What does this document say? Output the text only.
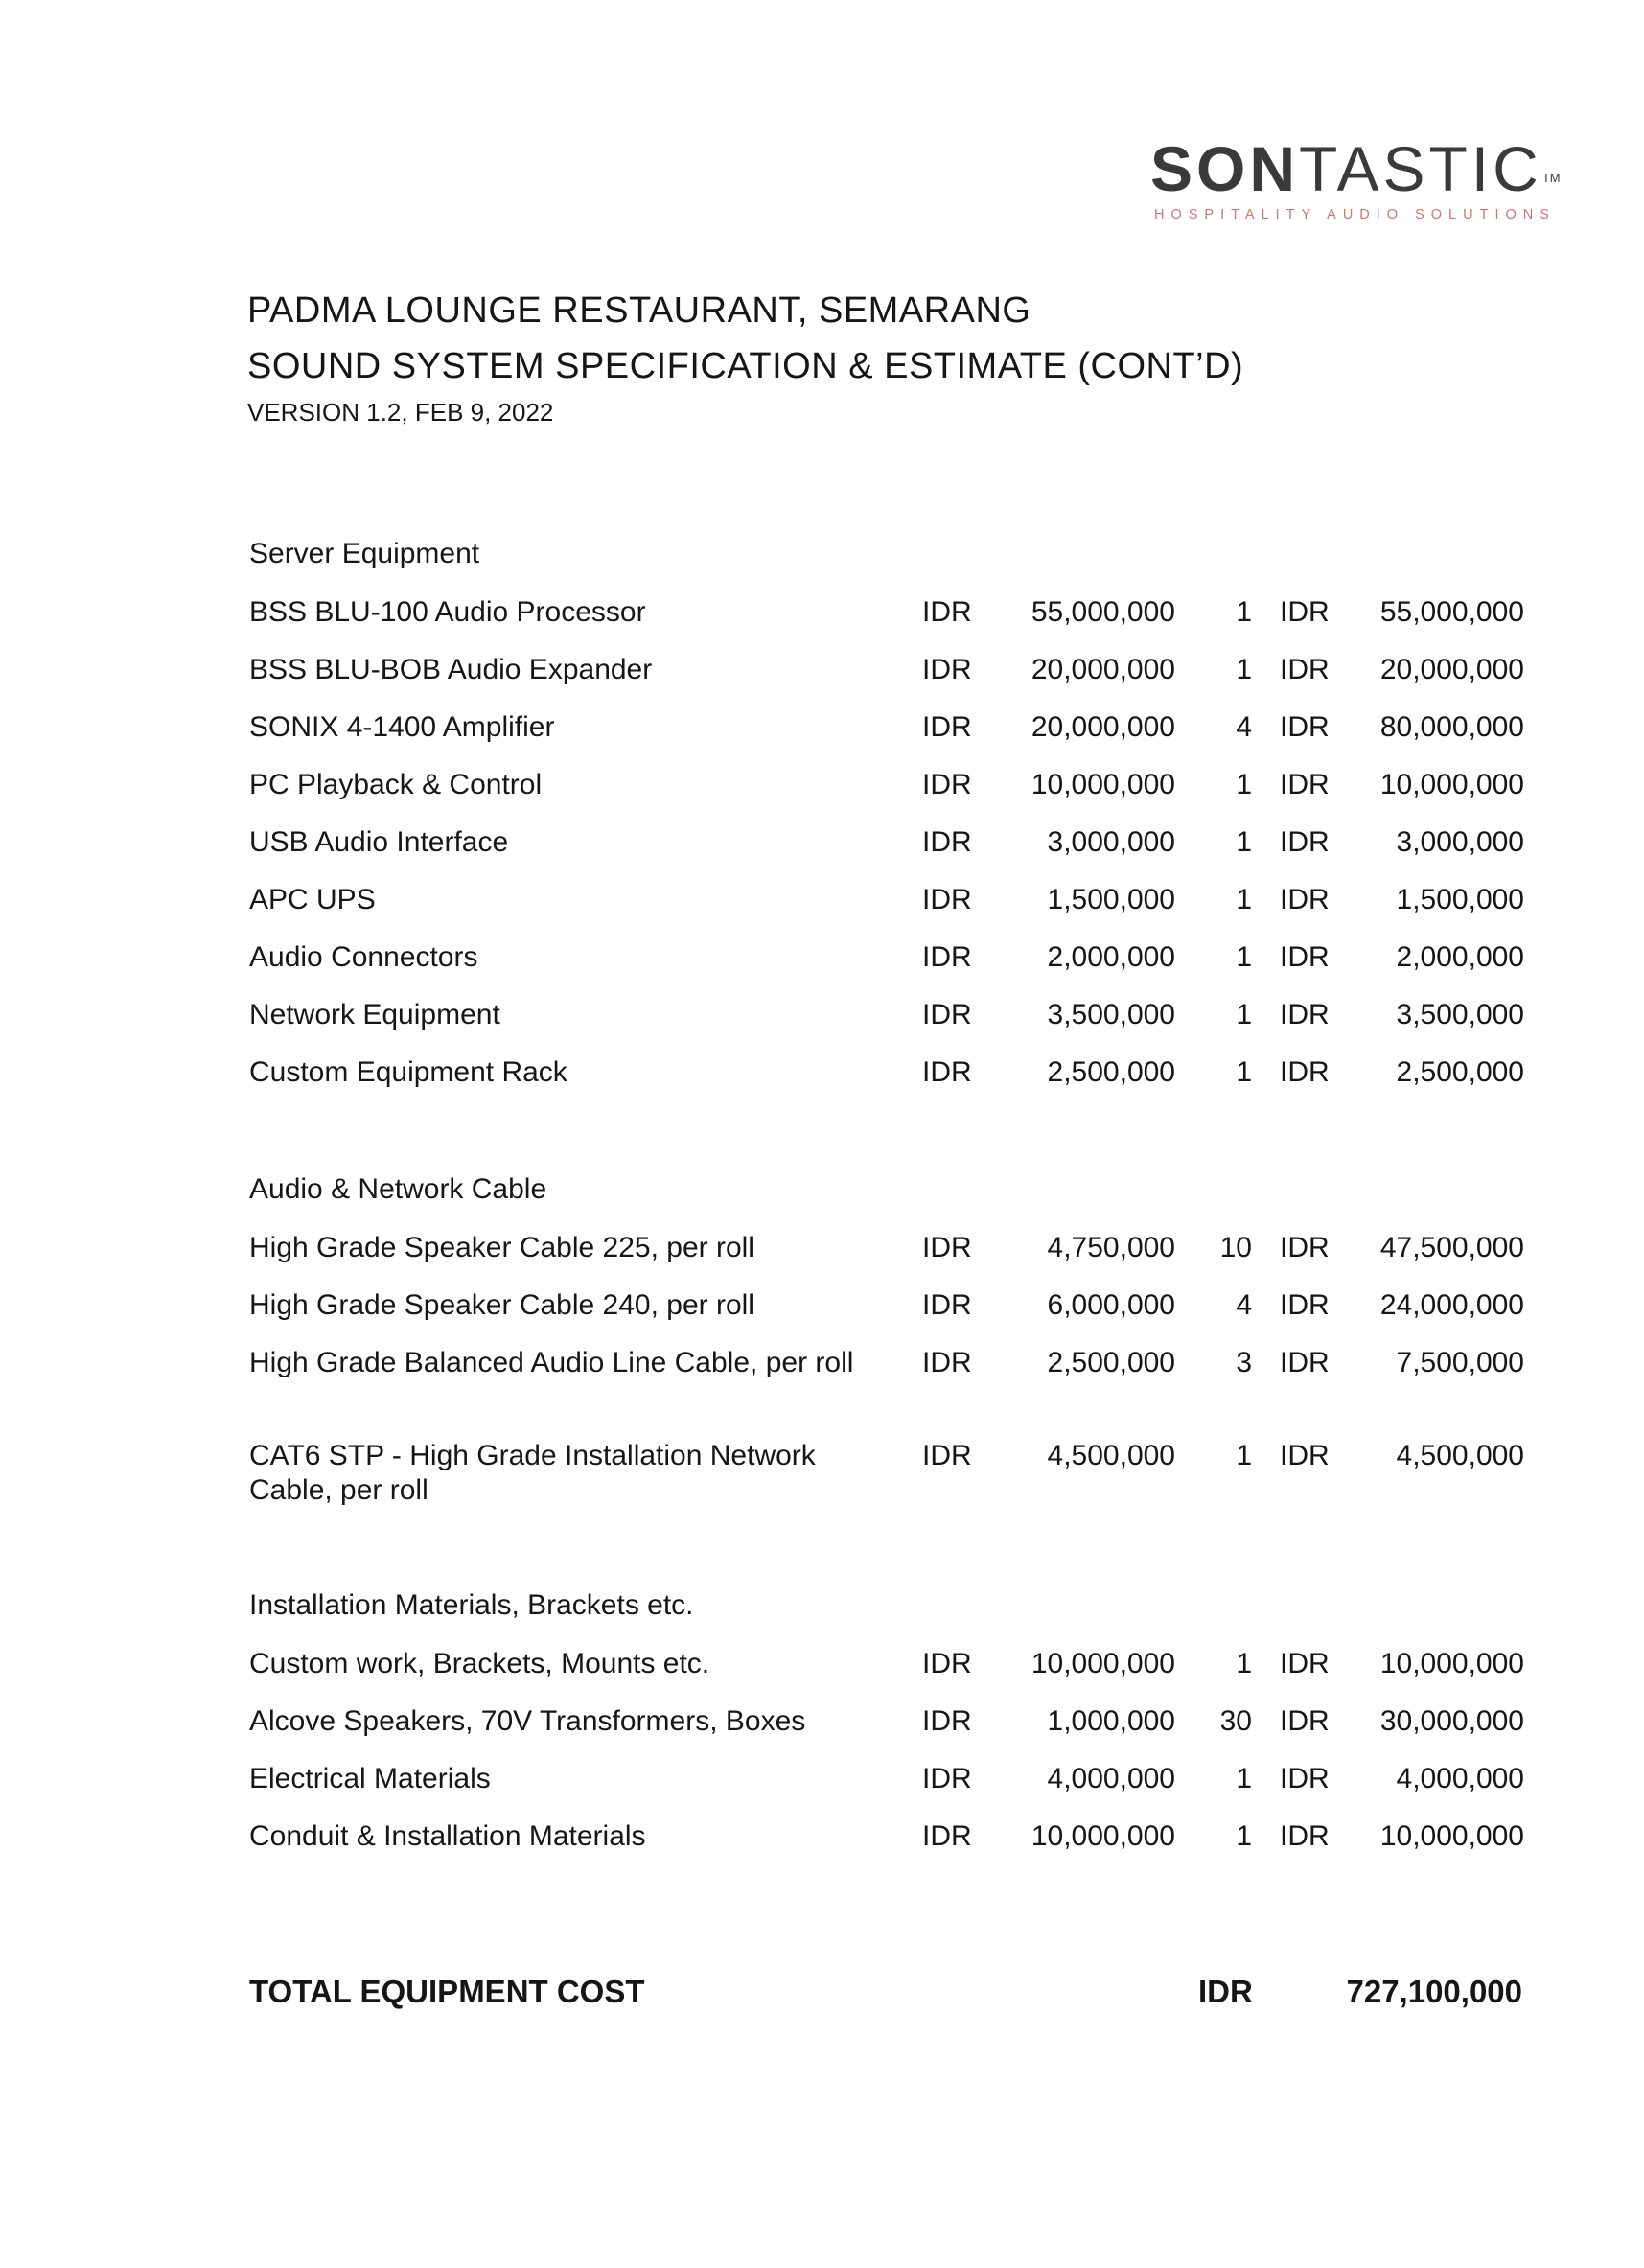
SONTASTIC™
HOSPITALITY AUDIO SOLUTIONS
PADMA LOUNGE RESTAURANT, SEMARANG
SOUND SYSTEM SPECIFICATION & ESTIMATE (CONT’D)
VERSION 1.2, FEB 9, 2022
Server Equipment
BSS BLU-100 Audio Processor	IDR 55,000,000 1 IDR 55,000,000
BSS BLU-BOB Audio Expander	IDR 20,000,000 1 IDR 20,000,000
SONIX 4-1400 Amplifier	IDR 20,000,000 4 IDR 80,000,000
PC Playback & Control	IDR 10,000,000 1 IDR 10,000,000
USB Audio Interface	IDR	3,000,000 1 IDR 3,000,000
APC UPS	IDR	1,500,000 1 IDR 1,500,000
Audio Connectors	IDR	2,000,000 1 IDR 2,000,000
Network Equipment	IDR	3,500,000 1 IDR 3,500,000
Custom Equipment Rack	IDR	2,500,000 1 IDR 2,500,000
Audio & Network Cable
High Grade Speaker Cable 225, per roll	IDR	4,750,000 10 IDR 47,500,000
High Grade Speaker Cable 240, per roll	IDR	6,000,000 4 IDR 24,000,000
High Grade Balanced Audio Line Cable, per roll	IDR	2,500,000 3 IDR 7,500,000
CAT6 STP - High Grade Installation Network Cable, per roll
IDR	4,500,000 1 IDR 4,500,000
Installation Materials, Brackets etc.
Custom work, Brackets, Mounts etc.	IDR 10,000,000 1 IDR 10,000,000
Alcove Speakers, 70V Transformers, Boxes	IDR	1,000,000 30 IDR 30,000,000
Electrical Materials	IDR	4,000,000 1 IDR 4,000,000
Conduit & Installation Materials	IDR 10,000,000 1 IDR 10,000,000
TOTAL EQUIPMENT COST	IDR	727,100,000
